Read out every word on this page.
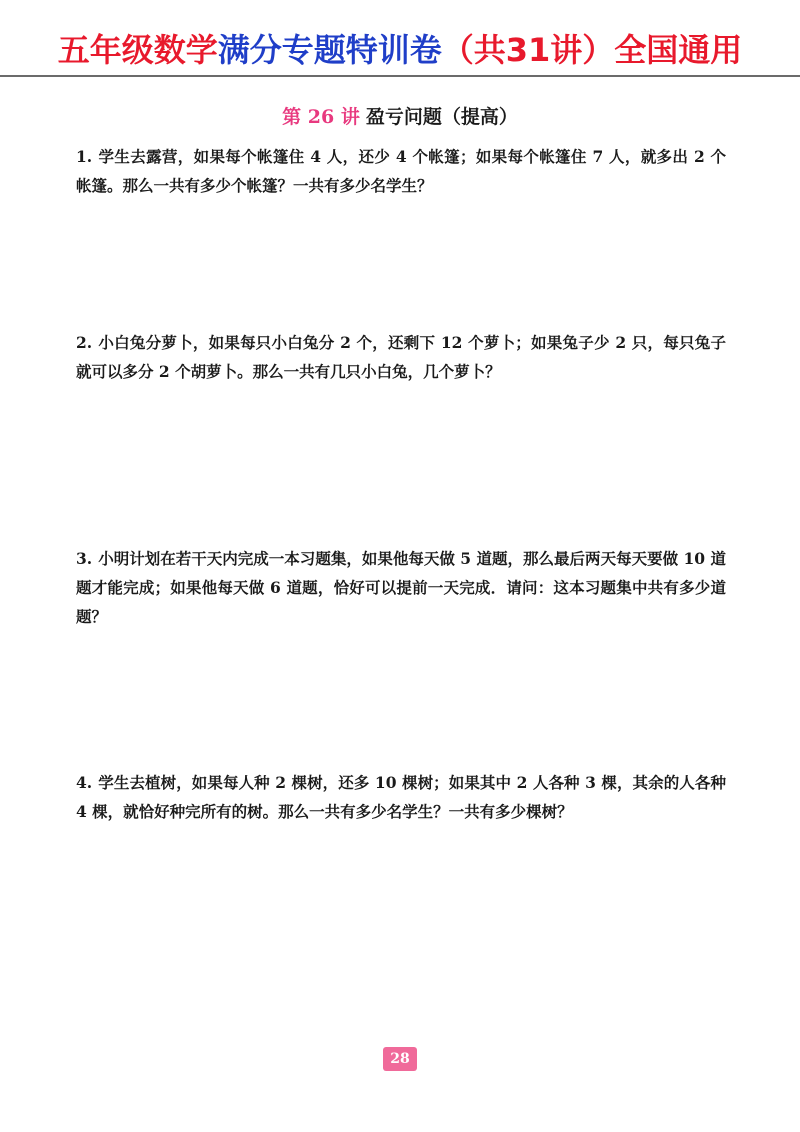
五年级数学满分专题特训卷（共31讲）全国通用
第 26 讲 盈亏问题（提高）

1. 学生去露营，如果每个帐篷住 4 人，还少 4 个帐篷；如果每个帐篷住 7 人，就多出 2 个帐篷。那么一共有多少个帐篷？一共有多少名学生？

2. 小白兔分萝卜，如果每只小白兔分 2 个，还剩下 12 个萝卜；如果兔子少 2 只，每只兔子就可以多分 2 个胡萝卜。那么一共有几只小白兔，几个萝卜？

3. 小明计划在若干天内完成一本习题集，如果他每天做 5 道题，那么最后两天每天要做 10 道题才能完成；如果他每天做 6 道题，恰好可以提前一天完成．请问：这本习题集中共有多少道题？

4. 学生去植树，如果每人种 2 棵树，还多 10 棵树；如果其中 2 人各种 3 棵，其余的人各种 4 棵，就恰好种完所有的树。那么一共有多少名学生？一共有多少棵树？

28
